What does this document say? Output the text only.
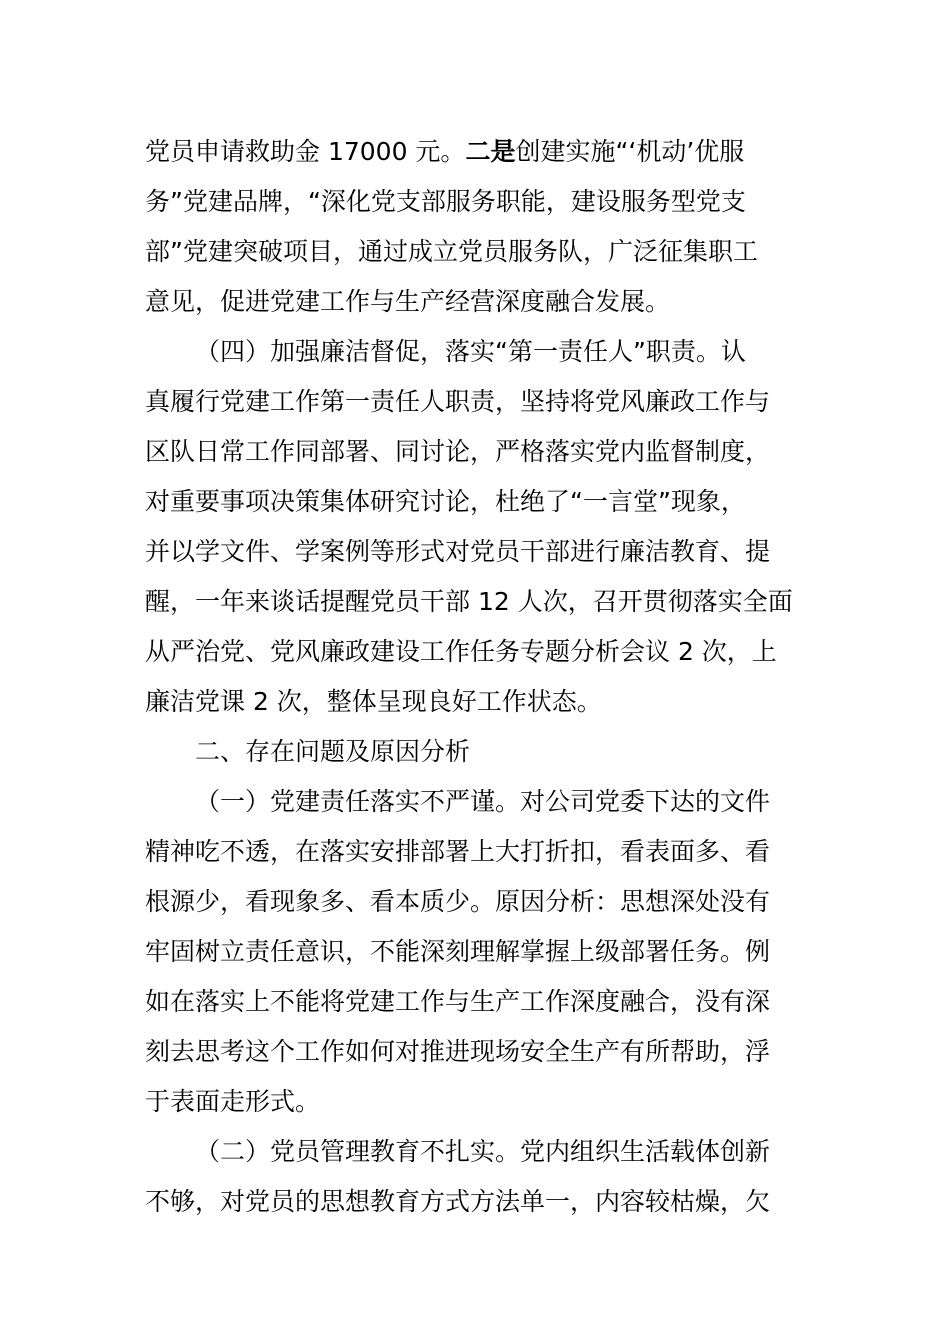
党员申请救助金 17000 元。二是创建实施“‘机动’优服
务”党建品牌，“深化党支部服务职能，建设服务型党支
部”党建突破项目，通过成立党员服务队，广泛征集职工
意见，促进党建工作与生产经营深度融合发展。
（四）加强廉洁督促，落实“第一责任人”职责。认
真履行党建工作第一责任人职责，坚持将党风廉政工作与
区队日常工作同部署、同讨论，严格落实党内监督制度，
对重要事项决策集体研究讨论，杜绝了“一言堂”现象，
并以学文件、学案例等形式对党员干部进行廉洁教育、提
醒，一年来谈话提醒党员干部 12 人次，召开贯彻落实全面
从严治党、党风廉政建设工作任务专题分析会议 2 次，上
廉洁党课 2 次，整体呈现良好工作状态。
二、存在问题及原因分析
（一）党建责任落实不严谨。对公司党委下达的文件
精神吃不透，在落实安排部署上大打折扣，看表面多、看
根源少，看现象多、看本质少。原因分析：思想深处没有
牢固树立责任意识，不能深刻理解掌握上级部署任务。例
如在落实上不能将党建工作与生产工作深度融合，没有深
刻去思考这个工作如何对推进现场安全生产有所帮助，浮
于表面走形式。
（二）党员管理教育不扎实。党内组织生活载体创新
不够，对党员的思想教育方式方法单一，内容较枯燥，欠
